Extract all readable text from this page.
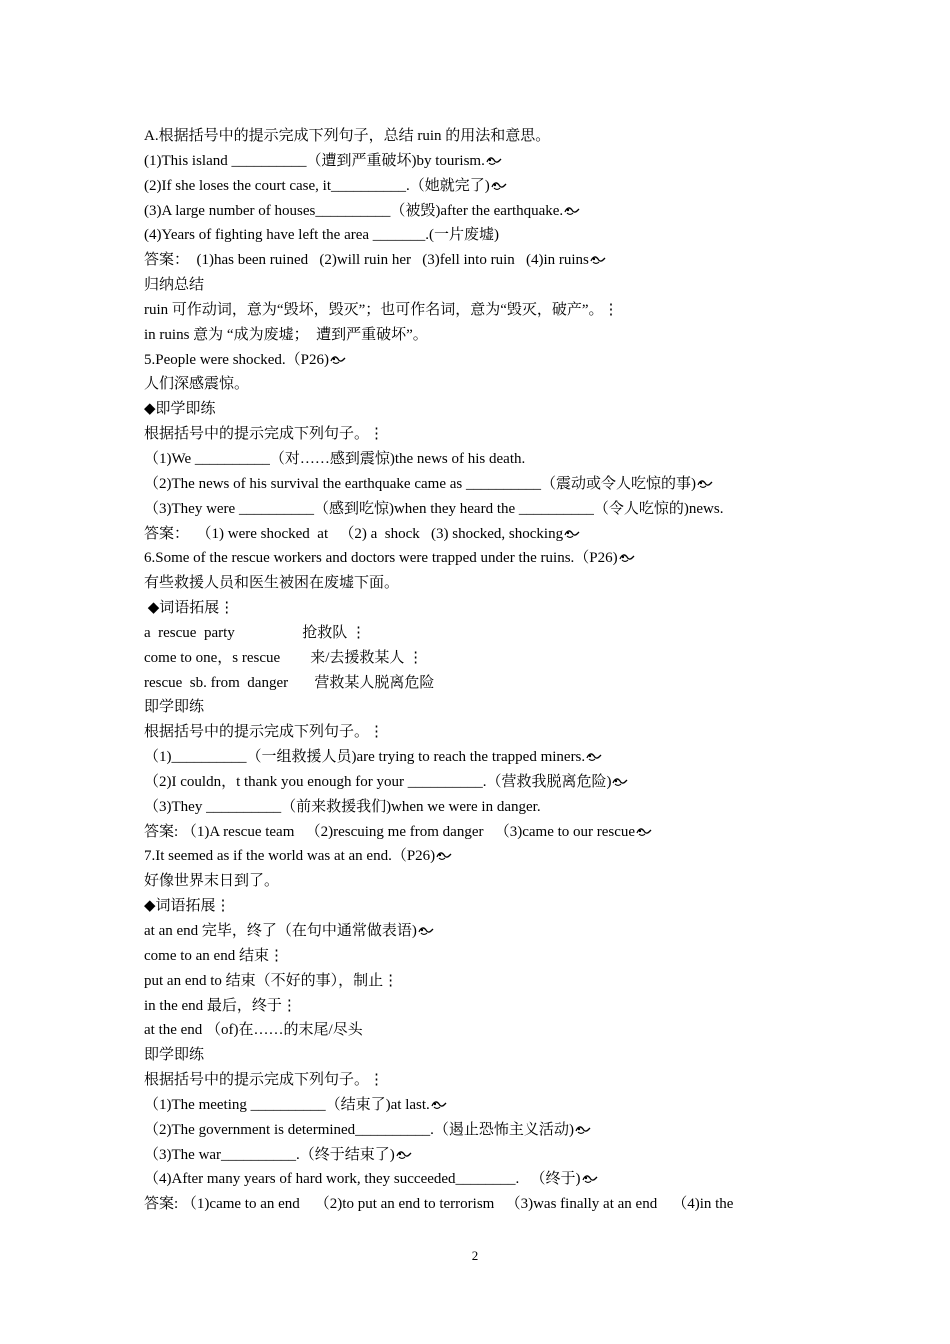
A.根据括号中的提示完成下列句子，总结 ruin 的用法和意思。
(1)This island __________（遭到严重破坏)by tourism.
(2)If she loses the court case, it__________.（她就完了)
(3)A large number of houses__________（被毁)after the earthquake.
(4)Years of fighting have left the area _______.(一片废墟)
答案：  (1)has been ruined   (2)will ruin her   (3)fell into ruin   (4)in ruins
归纳总结
ruin 可作动词，意为“毁坏，毁灭”；也可作名词，意为“毁灭，破产”。⋮
in ruins 意为 “成为废墟；  遭到严重破坏”。
5.People were shocked.（P26)
人们深感震惊。
◆即学即练
根据括号中的提示完成下列句子。⋮
（1)We __________（对……感到震惊)the news of his death.
（2)The news of his survival the earthquake came as __________（震动或令人吃惊的事)
（3)They were __________（感到吃惊)when they heard the __________（令人吃惊的)news.
答案：  （1) were shocked  at   （2) a  shock   (3) shocked, shocking
6.Some of the rescue workers and doctors were trapped under the ruins.（P26)
有些救援人员和医生被困在废墟下面。
◆词语拓展⋮
a  rescue  party                  抢救队 ⋮
come to one，s rescue        来/去援救某人 ⋮
rescue  sb. from  danger       营救某人脱离危险
即学即练
根据括号中的提示完成下列句子。⋮
（1)__________（一组救援人员)are trying to reach the trapped miners.
（2)I couldn，t thank you enough for your __________.（营救我脱离危险)
（3)They __________（前来救援我们)when we were in danger.
答案: （1)A rescue team   （2)rescuing me from danger   （3)came to our rescue
7.It seemed as if the world was at an end.（P26)
好像世界末日到了。
◆词语拓展⋮
at an end 完毕，终了（在句中通常做表语)
come to an end 结束⋮
put an end to 结束（不好的事），制止⋮
in the end 最后，终于⋮
at the end （of)在……的末尾/尽头
即学即练
根据括号中的提示完成下列句子。⋮
（1)The meeting __________（结束了)at last.
（2)The government is determined__________.（遏止恐怖主义活动)
（3)The war__________.（终于结束了)
（4)After many years of hard work, they succeeded________.   （终于)
答案: （1)came to an end    （2)to put an end to terrorism   （3)was finally at an end    （4)in the
2
